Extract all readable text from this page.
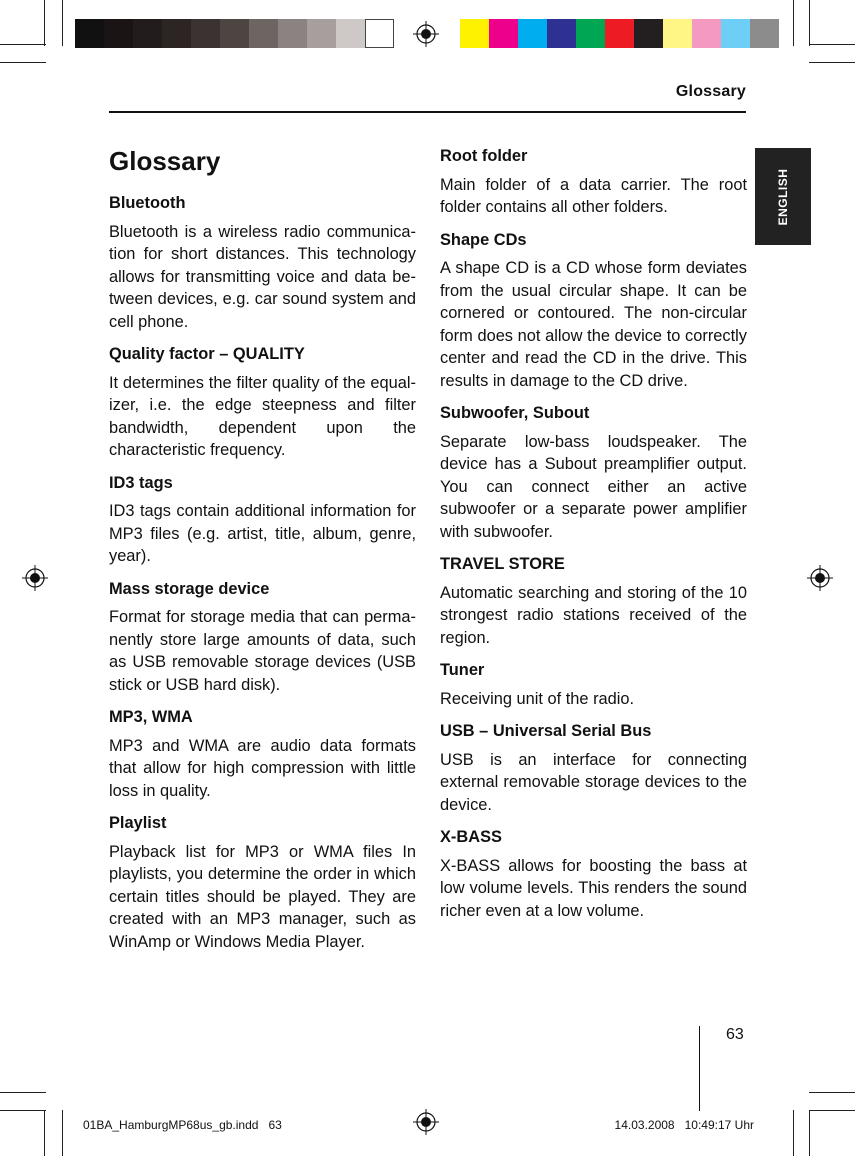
Glossary
ENGLISH
Glossary
Bluetooth
Bluetooth is a wireless radio communication for short distances. This technology allows for transmitting voice and data between devices, e.g. car sound system and cell phone.
Quality factor – QUALITY
It determines the filter quality of the equalizer, i.e. the edge steepness and filter bandwidth, dependent upon the characteristic frequency.
ID3 tags
ID3 tags contain additional information for MP3 files (e.g. artist, title, album, genre, year).
Mass storage device
Format for storage media that can permanently store large amounts of data, such as USB removable storage devices (USB stick or USB hard disk).
MP3, WMA
MP3 and WMA are audio data formats that allow for high compression with little loss in quality.
Playlist
Playback list for MP3 or WMA files In playlists, you determine the order in which certain titles should be played. They are created with an MP3 manager, such as WinAmp or Windows Media Player.
Root folder
Main folder of a data carrier. The root folder contains all other folders.
Shape CDs
A shape CD is a CD whose form deviates from the usual circular shape. It can be cornered or contoured. The non-circular form does not allow the device to correctly center and read the CD in the drive. This results in damage to the CD drive.
Subwoofer, Subout
Separate low-bass loudspeaker. The device has a Subout preamplifier output. You can connect either an active subwoofer or a separate power amplifier with subwoofer.
TRAVEL STORE
Automatic searching and storing of the 10 strongest radio stations received of the region.
Tuner
Receiving unit of the radio.
USB – Universal Serial Bus
USB is an interface for connecting external removable storage devices to the device.
X-BASS
X-BASS allows for boosting the bass at low volume levels. This renders the sound richer even at a low volume.
63
01BA_HamburgMP68us_gb.indd   63	14.03.2008   10:49:17 Uhr
